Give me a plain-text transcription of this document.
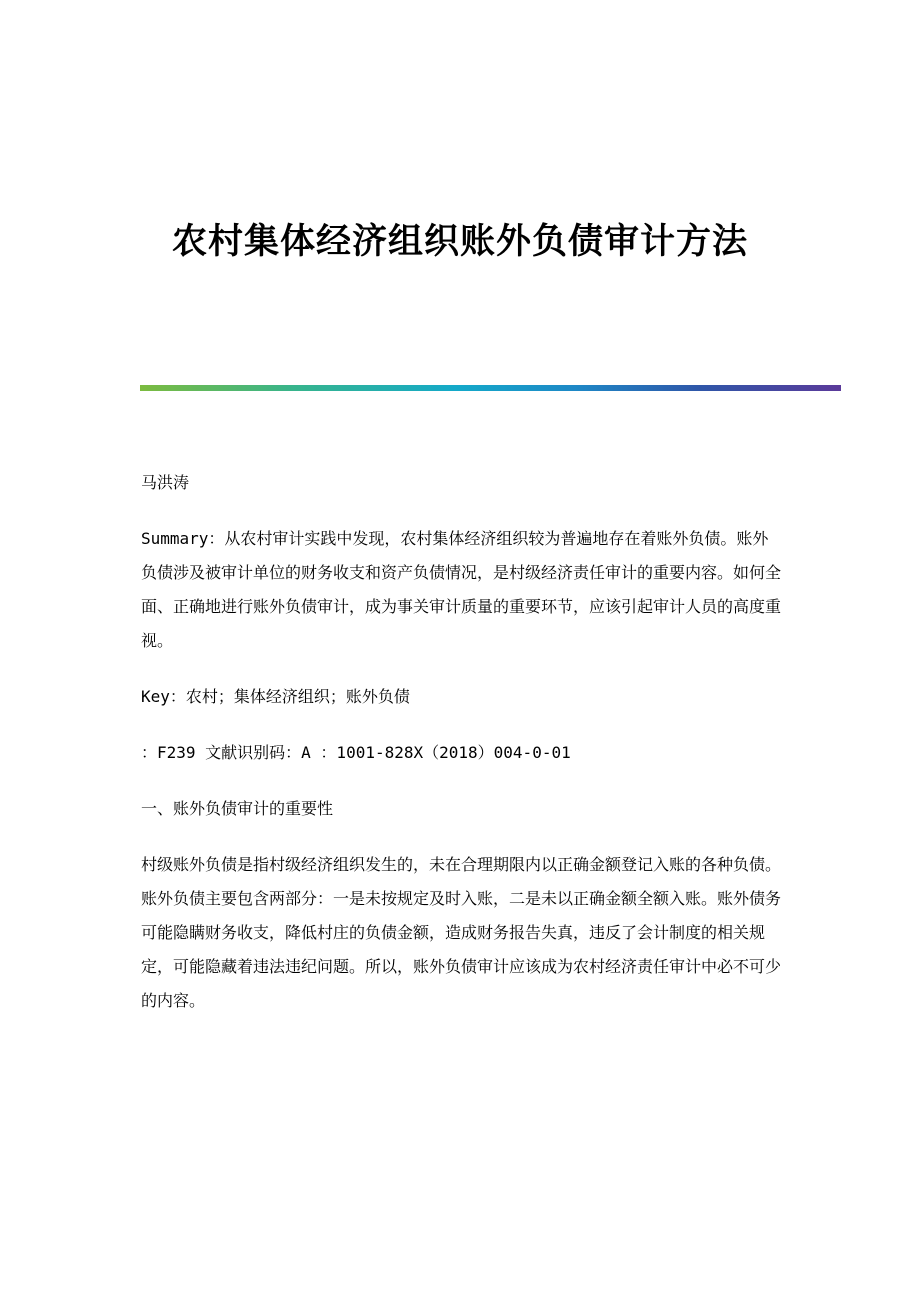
农村集体经济组织账外负债审计方法

马洪涛

Summary：从农村审计实践中发现，农村集体经济组织较为普遍地存在着账外负债。账外负债涉及被审计单位的财务收支和资产负债情况，是村级经济责任审计的重要内容。如何全面、正确地进行账外负债审计，成为事关审计质量的重要环节，应该引起审计人员的高度重视。

Key：农村；集体经济组织；账外负债

：F239 文献识别码：A ：1001-828X（2018）004-0-01

一、账外负债审计的重要性

村级账外负债是指村级经济组织发生的，未在合理期限内以正确金额登记入账的各种负债。账外负债主要包含两部分：一是未按规定及时入账，二是未以正确金额全额入账。账外债务可能隐瞒财务收支，降低村庄的负债金额，造成财务报告失真，违反了会计制度的相关规定，可能隐藏着违法违纪问题。所以，账外负债审计应该成为农村经济责任审计中必不可少的内容。
